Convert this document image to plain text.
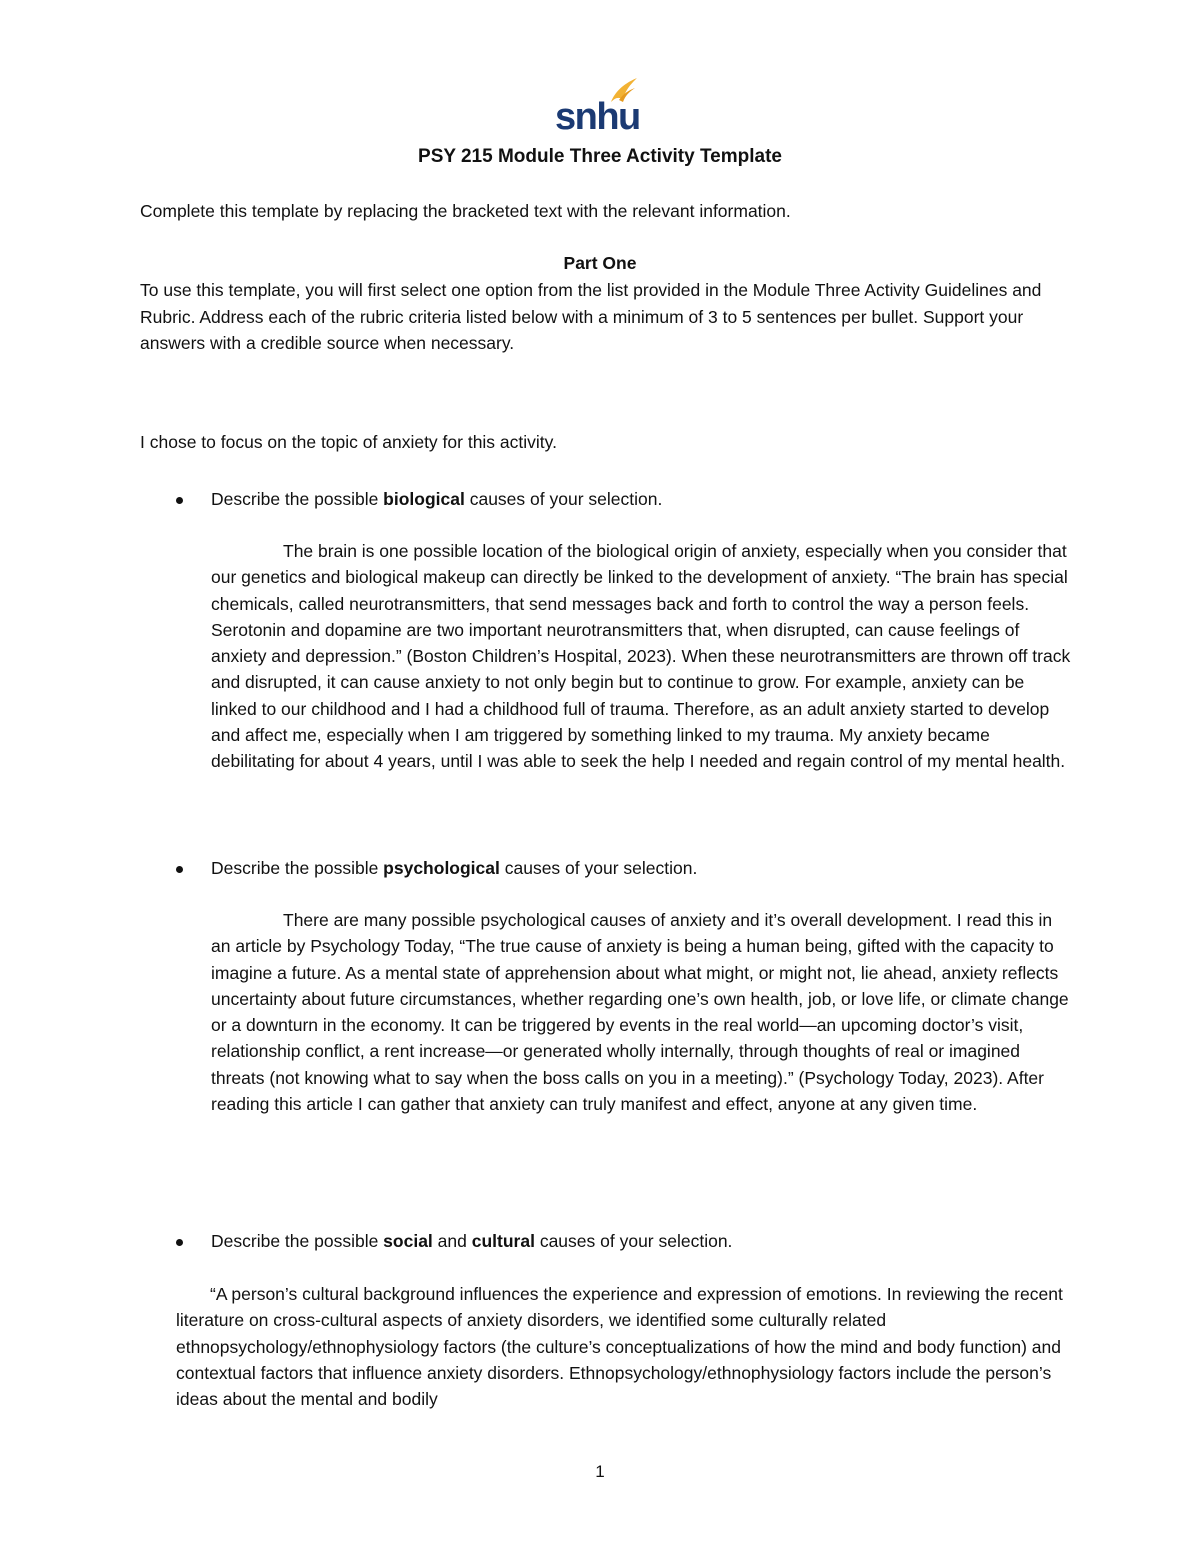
snhu
PSY 215 Module Three Activity Template

Complete this template by replacing the bracketed text with the relevant information.

Part One

To use this template, you will first select one option from the list provided in the Module Three Activity Guidelines and Rubric. Address each of the rubric criteria listed below with a minimum of 3 to 5 sentences per bullet. Support your answers with a credible source when necessary.

I chose to focus on the topic of anxiety for this activity.

Describe the possible biological causes of your selection.

The brain is one possible location of the biological origin of anxiety, especially when you consider that our genetics and biological makeup can directly be linked to the development of anxiety. “The brain has special chemicals, called neurotransmitters, that send messages back and forth to control the way a person feels. Serotonin and dopamine are two important neurotransmitters that, when disrupted, can cause feelings of anxiety and depression.” (Boston Children’s Hospital, 2023). When these neurotransmitters are thrown off track and disrupted, it can cause anxiety to not only begin but to continue to grow. For example, anxiety can be linked to our childhood and I had a childhood full of trauma. Therefore, as an adult anxiety started to develop and affect me, especially when I am triggered by something linked to my trauma. My anxiety became debilitating for about 4 years, until I was able to seek the help I needed and regain control of my mental health.

Describe the possible psychological causes of your selection.

There are many possible psychological causes of anxiety and it’s overall development. I read this in an article by Psychology Today, “The true cause of anxiety is being a human being, gifted with the capacity to imagine a future. As a mental state of apprehension about what might, or might not, lie ahead, anxiety reflects uncertainty about future circumstances, whether regarding one’s own health, job, or love life, or climate change or a downturn in the economy. It can be triggered by events in the real world—an upcoming doctor’s visit, relationship conflict, a rent increase—or generated wholly internally, through thoughts of real or imagined threats (not knowing what to say when the boss calls on you in a meeting).” (Psychology Today, 2023). After reading this article I can gather that anxiety can truly manifest and effect, anyone at any given time.

Describe the possible social and cultural causes of your selection.

“A person’s cultural background influences the experience and expression of emotions. In reviewing the recent literature on cross-cultural aspects of anxiety disorders, we identified some culturally related ethnopsychology/ethnophysiology factors (the culture’s conceptualizations of how the mind and body function) and contextual factors that influence anxiety disorders. Ethnopsychology/ethnophysiology factors include the person’s ideas about the mental and bodily

1
